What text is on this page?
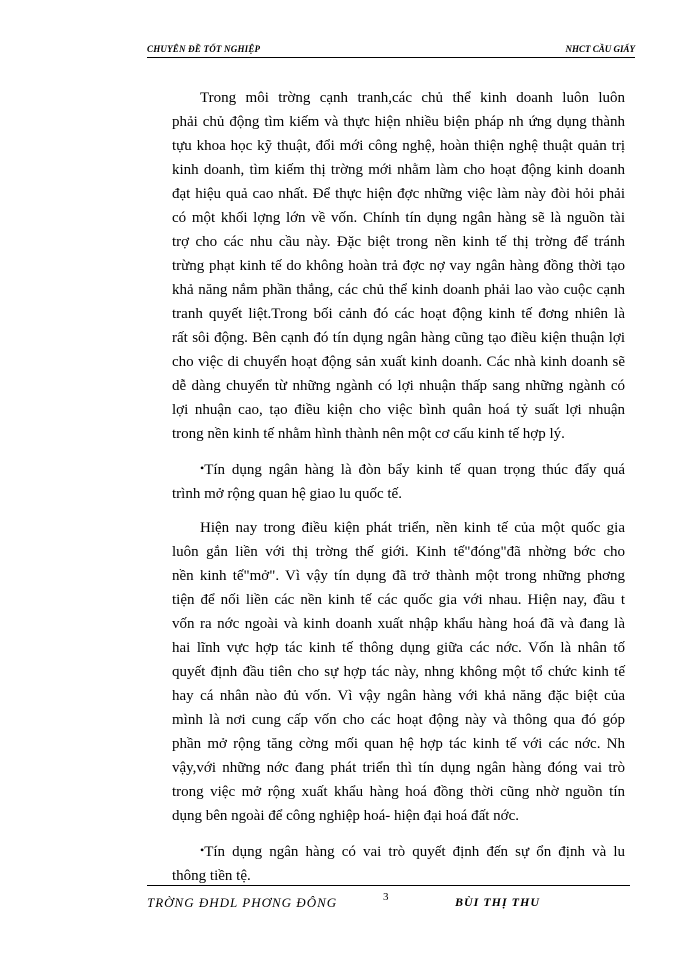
CHUYÊN ĐỀ TỐT NGHIỆP	NHCT CẦU GIẤY
Trong môi trờng cạnh tranh,các chủ thể kinh doanh luôn luôn
phải chủ động tìm kiếm và thực hiện nhiều biện pháp nh ứng dụng thành
tựu khoa học kỹ thuật, đổi mới công nghệ, hoàn thiện nghệ thuật quản trị
kinh doanh, tìm kiếm thị trờng mới nhằm làm cho hoạt động kinh doanh
đạt hiệu quả cao nhất. Để thực hiện đợc những việc làm này đòi hỏi phải
có một khối lợng lớn về vốn. Chính tín dụng ngân hàng sẽ là nguồn tài
trợ cho các nhu cầu này. Đặc biệt trong nền kinh tế thị trờng để tránh
trừng phạt kinh tế do không hoàn trả đợc nợ vay ngân hàng đồng thời tạo
khả năng nắm phần thắng, các chủ thể kinh doanh phải lao vào cuộc cạnh
tranh quyết liệt.Trong bối cảnh đó các hoạt động kinh tế đơng nhiên là
rất sôi động. Bên cạnh đó tín dụng ngân hàng cũng tạo điều kiện thuận lợi
cho việc di chuyển hoạt động sản xuất kinh doanh. Các nhà kinh doanh sẽ
dễ dàng chuyển từ những ngành có lợi nhuận thấp sang những ngành có
lợi nhuận cao, tạo điều kiện cho việc bình quân hoá tỷ suất lợi nhuận
trong nền kinh tế nhằm hình thành nên một cơ cấu kinh tế hợp lý.
•Tín dụng ngân hàng là đòn bẩy kinh tế quan trọng thúc đẩy quá
trình mở rộng quan hệ giao lu quốc tế.
Hiện nay trong điều kiện phát triển, nền kinh tế của một quốc gia
luôn gắn liền với thị trờng thế giới. Kinh tế"đóng"đã nhờng bớc cho
nền kinh tế"mở". Vì vậy tín dụng đã trở thành một trong những phơng
tiện để nối liền các nền kinh tế các quốc gia với nhau. Hiện nay, đầu t
vốn ra nớc ngoài và kinh doanh xuất nhập khẩu hàng hoá đã và đang là
hai lĩnh vực hợp tác kinh tế thông dụng giữa các nớc. Vốn là nhân tố
quyết định đầu tiên cho sự hợp tác này, nhng không một tổ chức kinh tế
hay cá nhân nào đủ vốn. Vì vậy ngân hàng với khả năng đặc biệt của
mình là nơi cung cấp vốn cho các hoạt động này và thông qua đó góp
phần mở rộng tăng cờng mối quan hệ hợp tác kinh tế với các nớc. Nh
vậy,với những nớc đang phát triển thì tín dụng ngân hàng đóng vai trò
trong việc mở rộng xuất khẩu hàng hoá đồng thời cũng nhờ nguồn tín
dụng bên ngoài để công nghiệp hoá- hiện đại hoá đất nớc.
•Tín dụng ngân hàng có vai trò quyết định đến sự ổn định và lu
thông tiền tệ.
TRỜNG ĐHDL PHƠNG ĐÔNG	3	BÙI THỊ THU
